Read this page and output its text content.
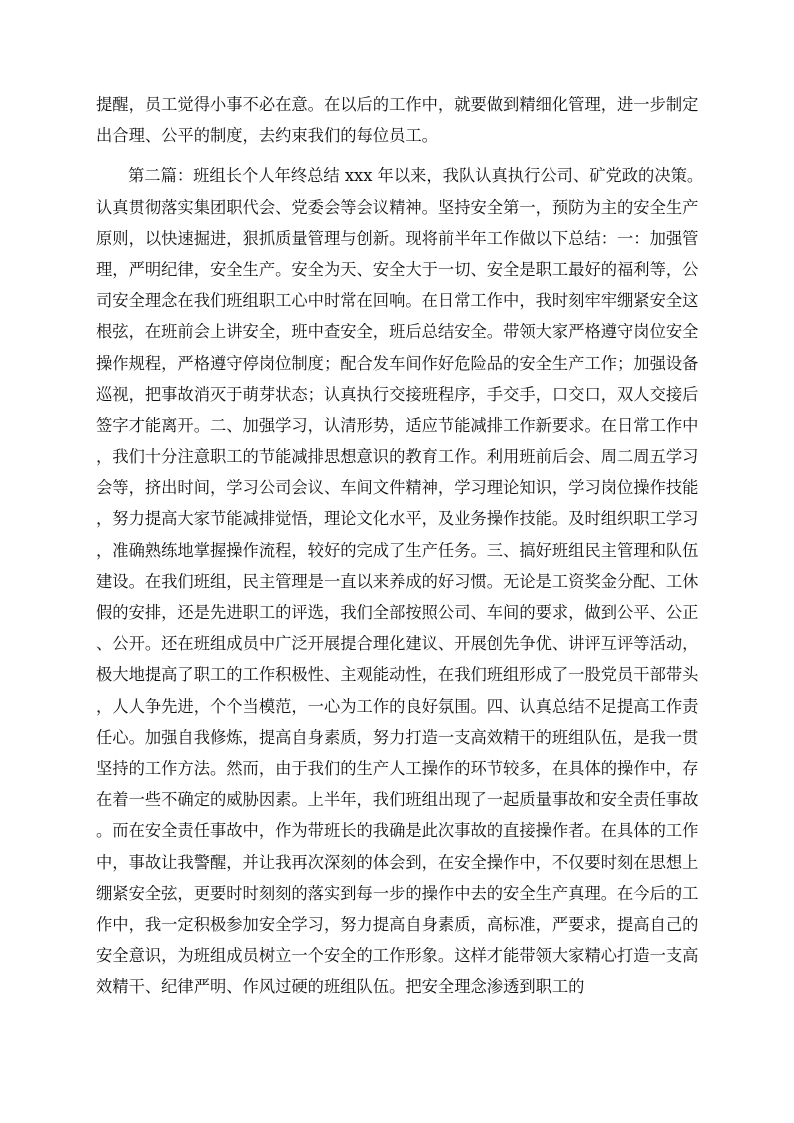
提醒，员工觉得小事不必在意。在以后的工作中，就要做到精细化管理，进一步制定
出合理、公平的制度，去约束我们的每位员工。
第二篇：班组长个人年终总结 xxx 年以来，我队认真执行公司、矿党政的决策。
认真贯彻落实集团职代会、党委会等会议精神。坚持安全第一，预防为主的安全生产
原则，以快速掘进，狠抓质量管理与创新。现将前半年工作做以下总结：一：加强管
理，严明纪律，安全生产。安全为天、安全大于一切、安全是职工最好的福利等，公
司安全理念在我们班组职工心中时常在回响。在日常工作中，我时刻牢牢绷紧安全这
根弦，在班前会上讲安全，班中查安全，班后总结安全。带领大家严格遵守岗位安全
操作规程，严格遵守停岗位制度；配合发车间作好危险品的安全生产工作；加强设备
巡视，把事故消灭于萌芽状态；认真执行交接班程序，手交手，口交口，双人交接后
签字才能离开。二、加强学习，认清形势，适应节能减排工作新要求。在日常工作中
，我们十分注意职工的节能减排思想意识的教育工作。利用班前后会、周二周五学习
会等，挤出时间，学习公司会议、车间文件精神，学习理论知识，学习岗位操作技能
，努力提高大家节能减排觉悟，理论文化水平，及业务操作技能。及时组织职工学习
，准确熟练地掌握操作流程，较好的完成了生产任务。三、搞好班组民主管理和队伍
建设。在我们班组，民主管理是一直以来养成的好习惯。无论是工资奖金分配、工休
假的安排，还是先进职工的评选，我们全部按照公司、车间的要求，做到公平、公正
、公开。还在班组成员中广泛开展提合理化建议、开展创先争优、讲评互评等活动，
极大地提高了职工的工作积极性、主观能动性，在我们班组形成了一股党员干部带头
，人人争先进，个个当模范，一心为工作的良好氛围。四、认真总结不足提高工作责
任心。加强自我修炼，提高自身素质，努力打造一支高效精干的班组队伍，是我一贯
坚持的工作方法。然而，由于我们的生产人工操作的环节较多，在具体的操作中，存
在着一些不确定的威胁因素。上半年，我们班组出现了一起质量事故和安全责任事故
。而在安全责任事故中，作为带班长的我确是此次事故的直接操作者。在具体的工作
中，事故让我警醒，并让我再次深刻的体会到，在安全操作中，不仅要时刻在思想上
绷紧安全弦，更要时时刻刻的落实到每一步的操作中去的安全生产真理。在今后的工
作中，我一定积极参加安全学习，努力提高自身素质，高标准，严要求，提高自己的
安全意识，为班组成员树立一个安全的工作形象。这样才能带领大家精心打造一支高
效精干、纪律严明、作风过硬的班组队伍。把安全理念渗透到职工的
